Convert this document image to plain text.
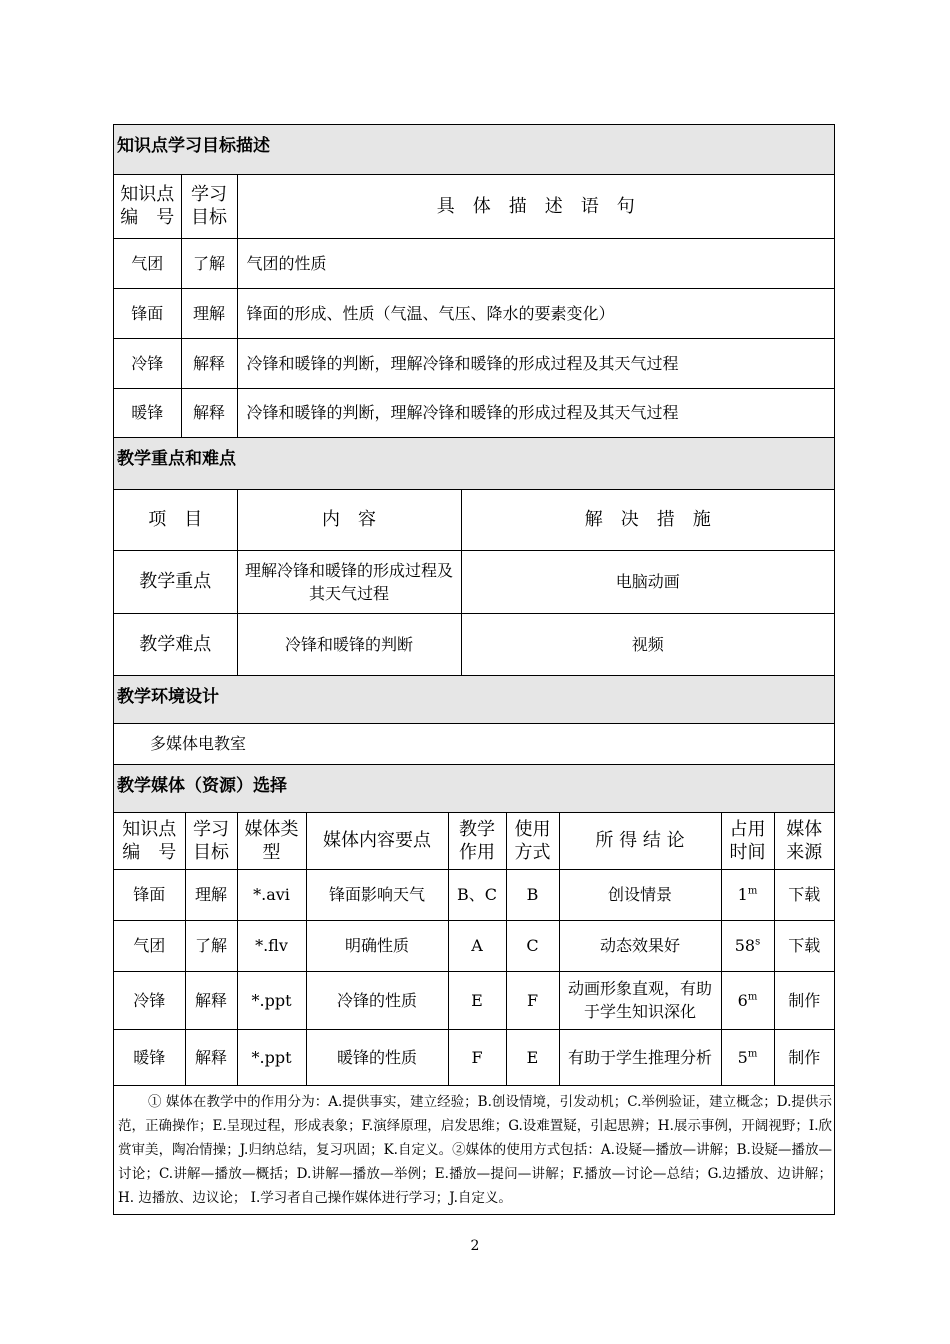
知识点学习目标描述
知识点编　号	学习目标	具　体　描　述　语　句
气团	了解	气团的性质
锋面	理解	锋面的形成、性质（气温、气压、降水的要素变化）
冷锋	解释	冷锋和暖锋的判断，理解冷锋和暖锋的形成过程及其天气过程
暖锋	解释	冷锋和暖锋的判断，理解冷锋和暖锋的形成过程及其天气过程
教学重点和难点
项　目	内　容	解　决　措　施
教学重点	理解冷锋和暖锋的形成过程及其天气过程	电脑动画
教学难点	冷锋和暖锋的判断	视频
教学环境设计
多媒体电教室
教学媒体（资源）选择
知识点编　号	学习目标	媒体类型	媒体内容要点	教学作用	使用方式	所 得 结 论	占用时间	媒体来源
锋面	理解	*.avi	锋面影响天气	B、C	B	创设情景	1$^m$	下载
气团	了解	*.flv	明确性质	A	C	动态效果好	58$^s$	下载
冷锋	解释	*.ppt	冷锋的性质	E	F	动画形象直观，有助于学生知识深化	6$^m$	制作
暖锋	解释	*.ppt	暖锋的性质	F	E	有助于学生推理分析	5$^m$	制作
① 媒体在教学中的作用分为：A.提供事实，建立经验；B.创设情境，引发动机；C.举例验证，建立概念；D.提供示范，正确操作；E.呈现过程，形成表象；F.演绎原理，启发思维；G.设难置疑，引起思辨；H.展示事例，开阔视野；I.欣赏审美，陶冶情操；J.归纳总结，复习巩固；K.自定义。②媒体的使用方式包括：A.设疑—播放—讲解；B.设疑—播放—讨论；C.讲解—播放—概括；D.讲解—播放—举例；E.播放—提问—讲解；F.播放—讨论—总结；G.边播放、边讲解；H. 边播放、边议论； I.学习者自己操作媒体进行学习；J.自定义。
2
